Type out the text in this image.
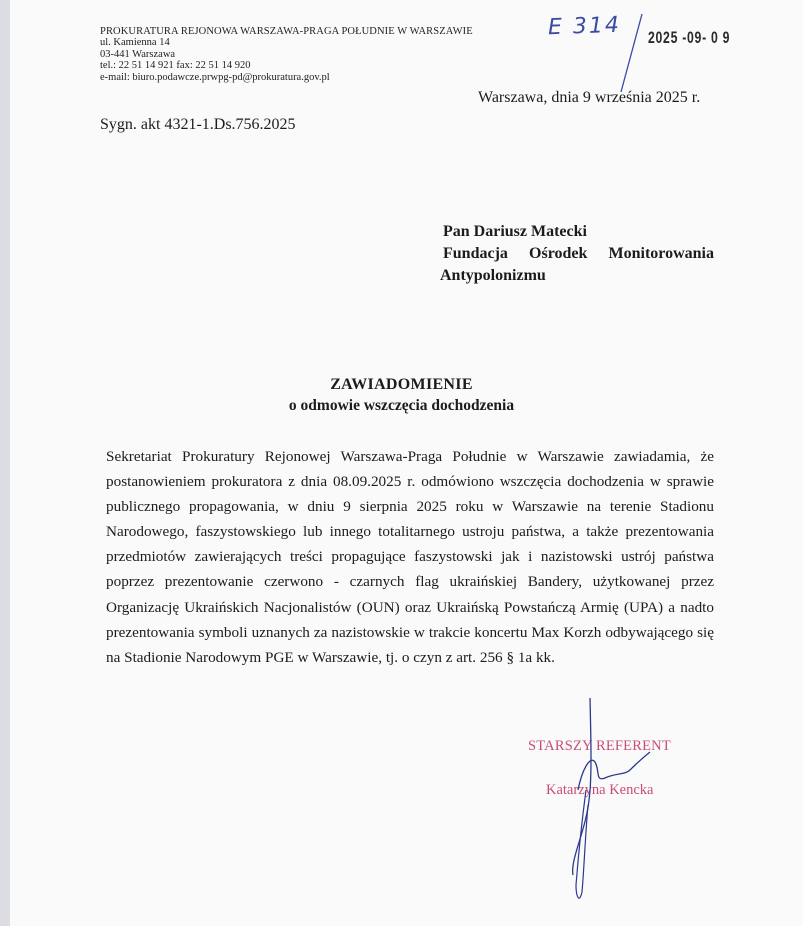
PROKURATURA REJONOWA WARSZAWA-PRAGA POŁUDNIE W WARSZAWIE
ul. Kamienna 14
03-441 Warszawa
tel.: 22 51 14 921 fax: 22 51 14 920
e-mail: biuro.podawcze.prwpg-pd@prokuratura.gov.pl
E 314 2025 -09- 0 9
Warszawa, dnia 9 września 2025 r.
Sygn. akt 4321-1.Ds.756.2025
Pan Dariusz Matecki
Fundacja Ośrodek Monitorowania
Antypolonizmu
ZAWIADOMIENIE
o odmowie wszczęcia dochodzenia
Sekretariat Prokuratury Rejonowej Warszawa-Praga Południe w Warszawie zawiadamia, że postanowieniem prokuratora z dnia 08.09.2025 r. odmówiono wszczęcia dochodzenia w sprawie publicznego propagowania, w dniu 9 sierpnia 2025 roku w Warszawie na terenie Stadionu Narodowego, faszystowskiego lub innego totalitarnego ustroju państwa, a także prezentowania przedmiotów zawierających treści propagujące faszystowski jak i nazistowski ustrój państwa poprzez prezentowanie czerwono - czarnych flag ukraińskiej Bandery, użytkowanej przez Organizację Ukraińskich Nacjonalistów (OUN) oraz Ukraińską Powstańczą Armię (UPA) a nadto prezentowania symboli uznanych za nazistowskie w trakcie koncertu Max Korzh odbywającego się na Stadionie Narodowym PGE w Warszawie, tj. o czyn z art. 256 § 1a kk.
STARSZY REFERENT
Katarzyna Kencka
